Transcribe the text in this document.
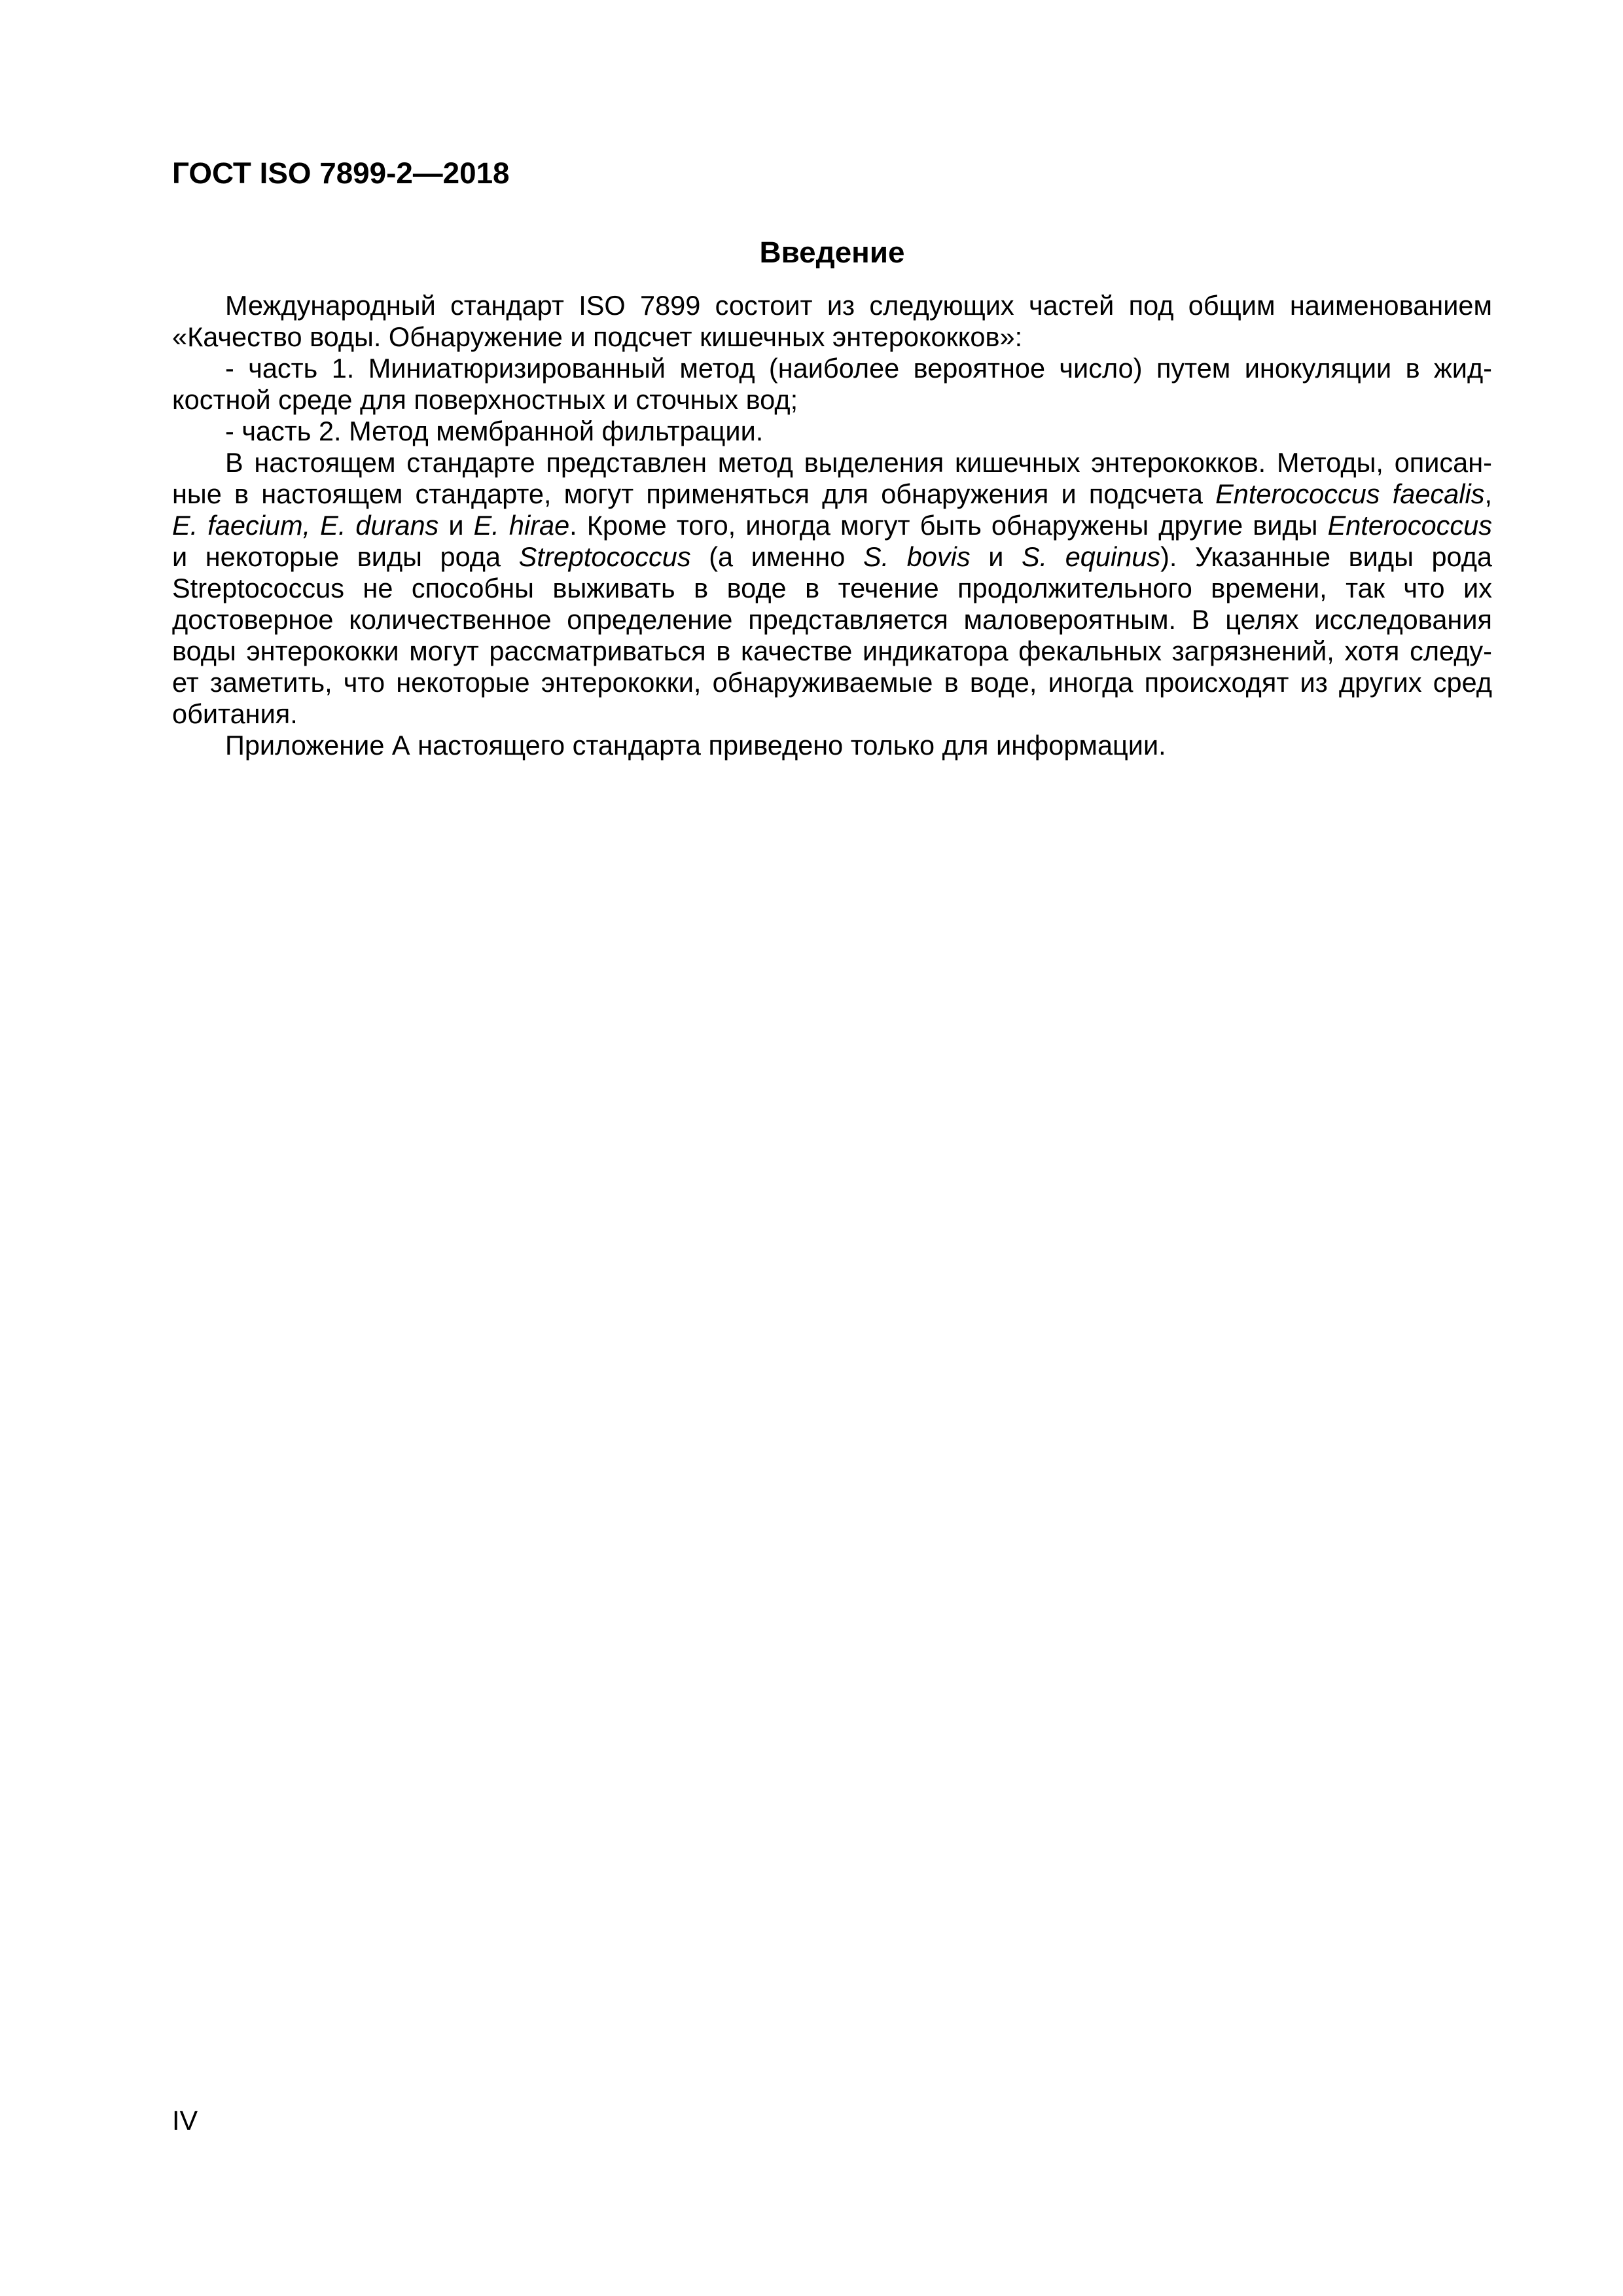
ГОСТ ISO 7899-2—2018
Введение
Международный стандарт ISO 7899 состоит из следующих частей под общим наименованием
«Качество воды. Обнаружение и подсчет кишечных энтерококков»:
- часть 1. Миниатюризированный метод (наиболее вероятное число) путем инокуляции в жид-
костной среде для поверхностных и сточных вод;
- часть 2. Метод мембранной фильтрации.
В настоящем стандарте представлен метод выделения кишечных энтерококков. Методы, описан-
ные в настоящем стандарте, могут применяться для обнаружения и подсчета Enterococcus faecalis,
E. faecium, E. durans и E. hirae. Кроме того, иногда могут быть обнаружены другие виды Enterococcus
и некоторые виды рода Streptococcus (а именно S. bovis и S. equinus). Указанные виды рода
Streptococcus не способны выживать в воде в течение продолжительного времени, так что их
достоверное количественное определение представляется маловероятным. В целях исследования
воды энтерококки могут рассматриваться в качестве индикатора фекальных загрязнений, хотя следу-
ет заметить, что некоторые энтерококки, обнаруживаемые в воде, иногда происходят из других сред
обитания.
Приложение А настоящего стандарта приведено только для информации.
IV
